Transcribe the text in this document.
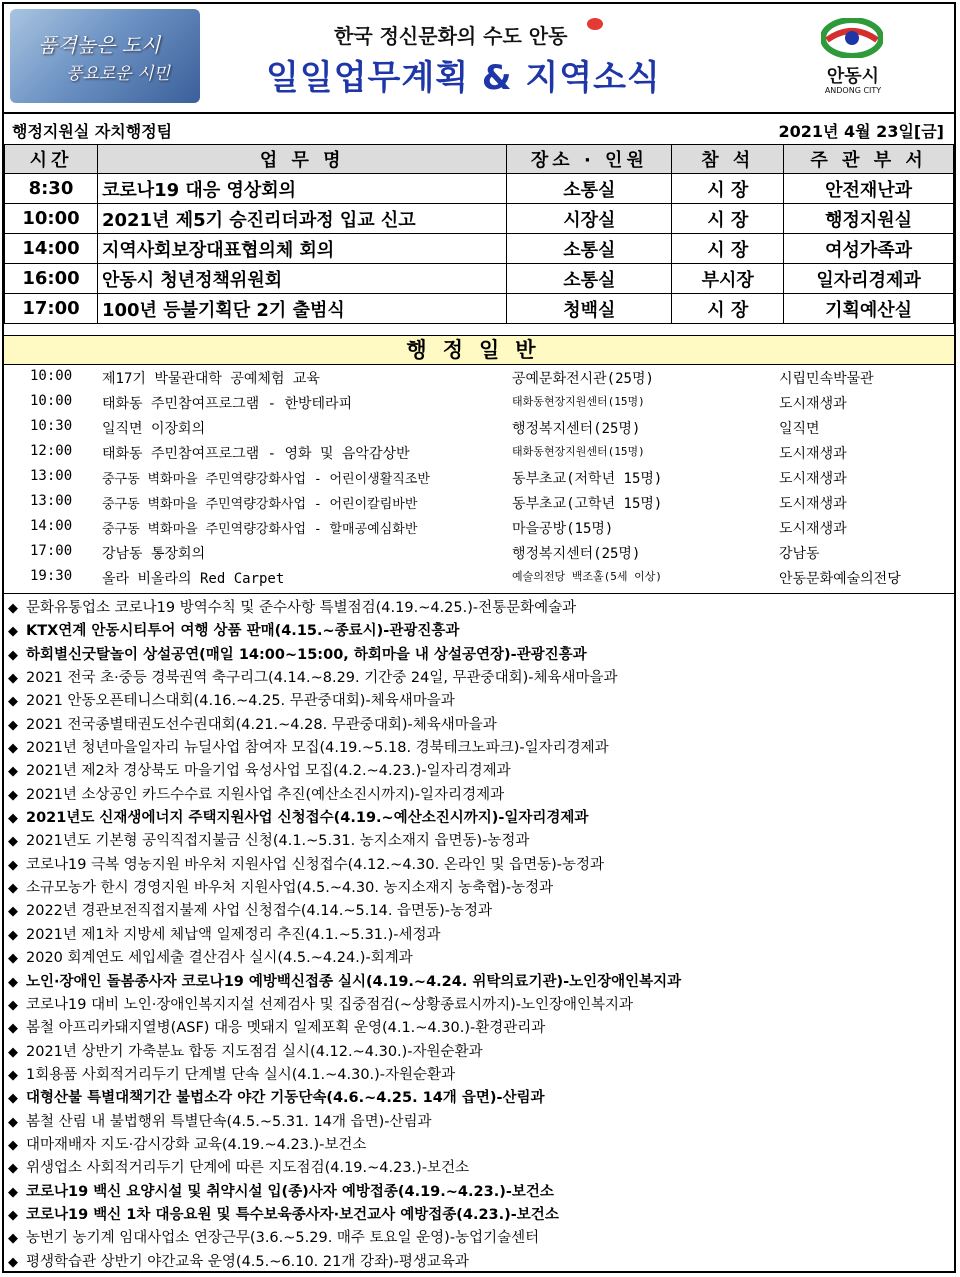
품격높은 도시
풍요로운 시민
한국 정신문화의 수도 안동
일일업무계획 & 지역소식	안동시
ANDONG CITY
행정지원실 자치행정팀	2021년 4월 23일[금]
시간	업 무 명	장소 · 인원	참 석	주 관 부 서
8:30	코로나19 대응 영상회의	소통실	시 장	안전재난과
10:00	2021년 제5기 승진리더과정 입교 신고	시장실	시 장	행정지원실
14:00	지역사회보장대표협의체 회의	소통실	시 장	여성가족과
16:00	안동시 청년정책위원회	소통실	부시장	일자리경제과
17:00	100년 등불기획단 2기 출범식	청백실	시 장	기획예산실
행정일반
10:00 제17기 박물관대학 공예체험 교육	공예문화전시관(25명)	시립민속박물관
10:00 태화동 주민참여프로그램 - 한방테라피	태화동현장지원센터(15명)	도시재생과
10:30 일직면 이장회의	행정복지센터(25명)	일직면
12:00 태화동 주민참여프로그램 - 영화 및 음악감상반	태화동현장지원센터(15명)	도시재생과
13:00 중구동 벽화마을 주민역량강화사업 - 어린이생활직조반	동부초교(저학년 15명)	도시재생과
13:00 중구동 벽화마을 주민역량강화사업 - 어린이칼림바반	동부초교(고학년 15명)	도시재생과
14:00 중구동 벽화마을 주민역량강화사업 - 할매공예심화반	마을공방(15명)	도시재생과
17:00 강남동 통장회의	행정복지센터(25명)	강남동
19:30 올라 비올라의 Red Carpet	예술의전당 백조홀(5세 이상)	안동문화예술의전당
◆ 문화유통업소 코로나19 방역수칙 및 준수사항 특별점검(4.19.~4.25.)-전통문화예술과
◆ KTX연계 안동시티투어 여행 상품 판매(4.15.~종료시)-관광진흥과
◆ 하회별신굿탈놀이 상설공연(매일 14:00~15:00, 하회마을 내 상설공연장)-관광진흥과
◆ 2021 전국 초·중등 경북권역 축구리그(4.14.~8.29. 기간중 24일, 무관중대회)-체육새마을과
◆ 2021 안동오픈테니스대회(4.16.~4.25. 무관중대회)-체육새마을과
◆ 2021 전국종별태권도선수권대회(4.21.~4.28. 무관중대회)-체육새마을과
◆ 2021년 청년마을일자리 뉴딜사업 참여자 모집(4.19.~5.18. 경북테크노파크)-일자리경제과
◆ 2021년 제2차 경상북도 마을기업 육성사업 모집(4.2.~4.23.)-일자리경제과
◆ 2021년 소상공인 카드수수료 지원사업 추진(예산소진시까지)-일자리경제과
◆ 2021년도 신재생에너지 주택지원사업 신청접수(4.19.~예산소진시까지)-일자리경제과
◆ 2021년도 기본형 공익직접지불금 신청(4.1.~5.31. 농지소재지 읍면동)-농정과
◆ 코로나19 극복 영농지원 바우처 지원사업 신청접수(4.12.~4.30. 온라인 및 읍면동)-농정과
◆ 소규모농가 한시 경영지원 바우처 지원사업(4.5.~4.30. 농지소재지 농축협)-농정과
◆ 2022년 경관보전직접지불제 사업 신청접수(4.14.~5.14. 읍면동)-농정과
◆ 2021년 제1차 지방세 체납액 일제정리 추진(4.1.~5.31.)-세정과
◆ 2020 회계연도 세입세출 결산검사 실시(4.5.~4.24.)-회계과
◆ 노인·장애인 돌봄종사자 코로나19 예방백신접종 실시(4.19.~4.24. 위탁의료기관)-노인장애인복지과
◆ 코로나19 대비 노인·장애인복지지설 선제검사 및 집중점검(~상황종료시까지)-노인장애인복지과
◆ 봄철 아프리카돼지열병(ASF) 대응 멧돼지 일제포획 운영(4.1.~4.30.)-환경관리과
◆ 2021년 상반기 가축분뇨 합동 지도점검 실시(4.12.~4.30.)-자원순환과
◆ 1회용품 사회적거리두기 단계별 단속 실시(4.1.~4.30.)-자원순환과
◆ 대형산불 특별대책기간 불법소각 야간 기동단속(4.6.~4.25. 14개 읍면)-산림과
◆ 봄철 산림 내 불법행위 특별단속(4.5.~5.31. 14개 읍면)-산림과
◆ 대마재배자 지도·감시강화 교육(4.19.~4.23.)-보건소
◆ 위생업소 사회적거리두기 단계에 따른 지도점검(4.19.~4.23.)-보건소
◆ 코로나19 백신 요양시설 및 취약시설 입(종)사자 예방접종(4.19.~4.23.)-보건소
◆ 코로나19 백신 1차 대응요원 및 특수보육종사자·보건교사 예방접종(4.23.)-보건소
◆ 농번기 농기계 임대사업소 연장근무(3.6.~5.29. 매주 토요일 운영)-농업기술센터
◆ 평생학습관 상반기 야간교육 운영(4.5.~6.10. 21개 강좌)-평생교육과
